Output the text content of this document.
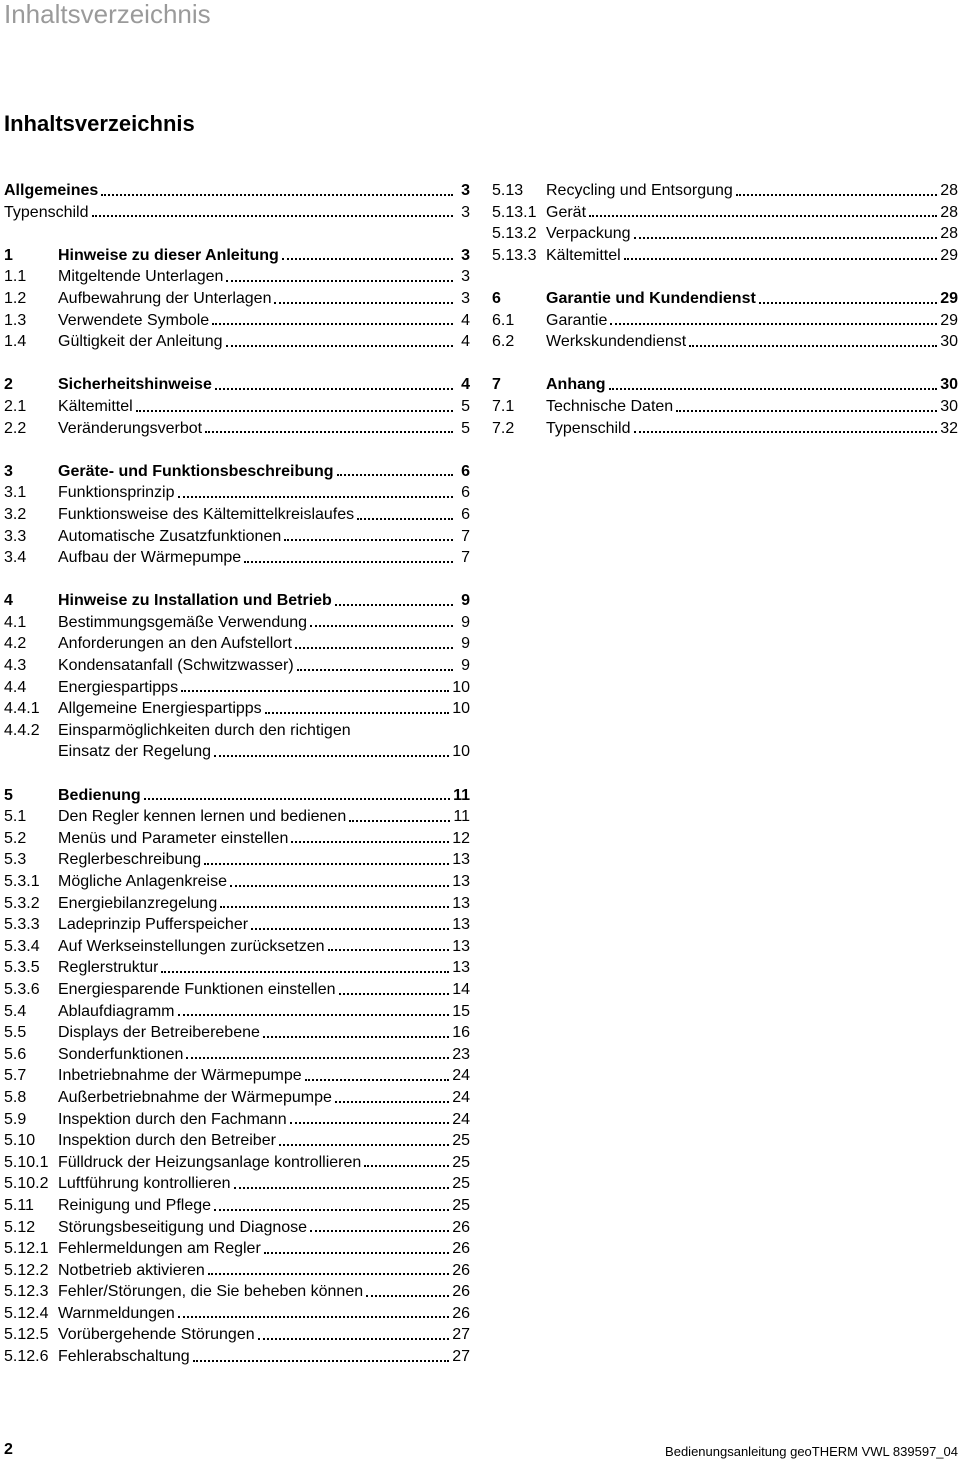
Inhaltsverzeichnis
Inhaltsverzeichnis
Allgemeines	3
Typenschild	3
1	Hinweise zu dieser Anleitung	3
1.1	Mitgeltende Unterlagen	3
1.2	Aufbewahrung der Unterlagen	3
1.3	Verwendete Symbole	4
1.4	Gültigkeit der Anleitung	4
2	Sicherheitshinweise	4
2.1	Kältemittel	5
2.2	Veränderungsverbot	5
3	Geräte- und Funktionsbeschreibung	6
3.1	Funktionsprinzip	6
3.2	Funktionsweise des Kältemittelkreislaufes	6
3.3	Automatische Zusatzfunktionen	7
3.4	Aufbau der Wärmepumpe	7
4	Hinweise zu Installation und Betrieb	9
4.1	Bestimmungsgemäße Verwendung	9
4.2	Anforderungen an den Aufstellort	9
4.3	Kondensatanfall (Schwitzwasser)	9
4.4	Energiespartipps	10
4.4.1	Allgemeine Energiespartipps	10
4.4.2	Einsparmöglichkeiten durch den richtigen
Einsatz der Regelung	10
5	Bedienung	11
5.1	Den Regler kennen lernen und bedienen	11
5.2	Menüs und Parameter einstellen	12
5.3	Reglerbeschreibung	13
5.3.1	Mögliche Anlagenkreise	13
5.3.2	Energiebilanzregelung	13
5.3.3	Ladeprinzip Pufferspeicher	13
5.3.4	Auf Werkseinstellungen zurücksetzen	13
5.3.5	Reglerstruktur	13
5.3.6	Energiesparende Funktionen einstellen	14
5.4	Ablaufdiagramm	15
5.5	Displays der Betreiberebene	16
5.6	Sonderfunktionen	23
5.7	Inbetriebnahme der Wärmepumpe	24
5.8	Außerbetriebnahme der Wärmepumpe	24
5.9	Inspektion durch den Fachmann	24
5.10	Inspektion durch den Betreiber	25
5.10.1 Fülldruck der Heizungsanlage kontrollieren	25
5.10.2 Luftführung kontrollieren	25
5.11	Reinigung und Pflege	25
5.12	Störungsbeseitigung und Diagnose	26
5.12.1 Fehlermeldungen am Regler	26
5.12.2 Notbetrieb aktivieren	26
5.12.3 Fehler/Störungen, die Sie beheben können	26
5.12.4 Warnmeldungen	26
5.12.5 Vorübergehende Störungen	27
5.12.6 Fehlerabschaltung	27
5.13	Recycling und Entsorgung	28
5.13.1 Gerät	28
5.13.2 Verpackung	28
5.13.3 Kältemittel	29
6	Garantie und Kundendienst	29
6.1	Garantie	29
6.2	Werkskundendienst	30
7	Anhang	30
7.1	Technische Daten	30
7.2	Typenschild	32
2	Bedienungsanleitung geoTHERM VWL 839597_04
